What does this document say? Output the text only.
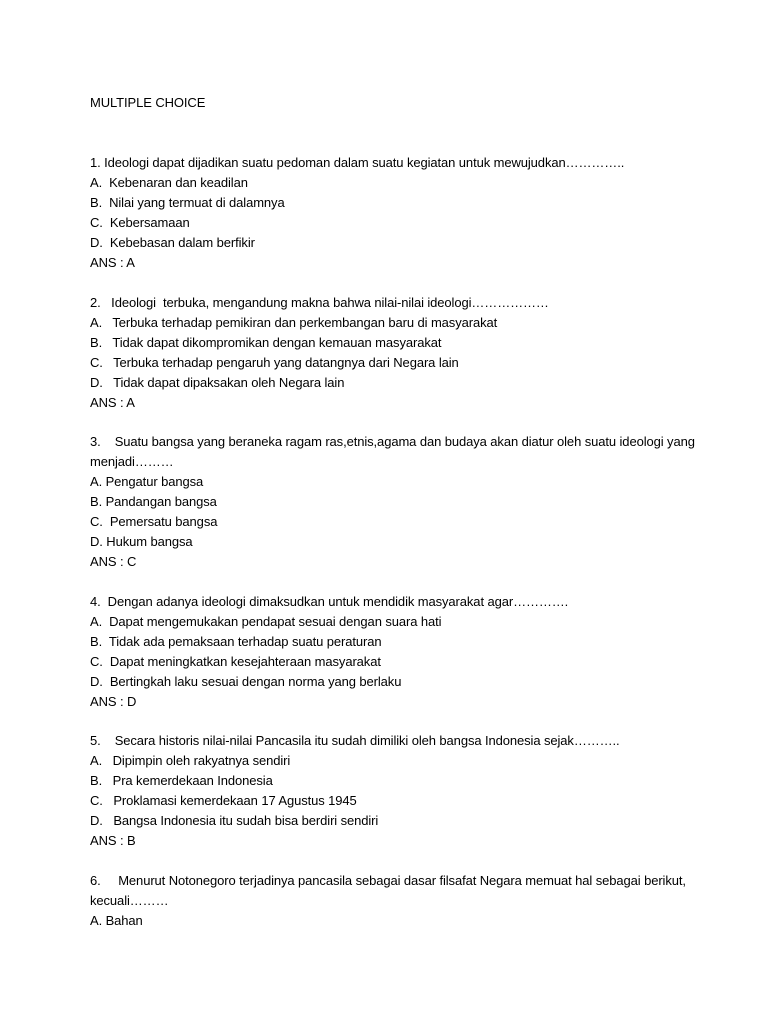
MULTIPLE CHOICE
1. Ideologi dapat dijadikan suatu pedoman dalam suatu kegiatan untuk mewujudkan…………..
A.  Kebenaran dan keadilan
B.  Nilai yang termuat di dalamnya
C.  Kebersamaan
D.  Kebebasan dalam berfikir
ANS : A
2.   Ideologi  terbuka, mengandung makna bahwa nilai-nilai ideologi………………
A.   Terbuka terhadap pemikiran dan perkembangan baru di masyarakat
B.   Tidak dapat dikompromikan dengan kemauan masyarakat
C.   Terbuka terhadap pengaruh yang datangnya dari Negara lain
D.   Tidak dapat dipaksakan oleh Negara lain
ANS : A
3.    Suatu bangsa yang beraneka ragam ras,etnis,agama dan budaya akan diatur oleh suatu ideologi yang menjadi………
A. Pengatur bangsa
B. Pandangan bangsa
C.  Pemersatu bangsa
D. Hukum bangsa
ANS : C
4.  Dengan adanya ideologi dimaksudkan untuk mendidik masyarakat agar………….
A.  Dapat mengemukakan pendapat sesuai dengan suara hati
B.  Tidak ada pemaksaan terhadap suatu peraturan
C.  Dapat meningkatkan kesejahteraan masyarakat
D.  Bertingkah laku sesuai dengan norma yang berlaku
ANS : D
5.    Secara historis nilai-nilai Pancasila itu sudah dimiliki oleh bangsa Indonesia sejak………..
A.   Dipimpin oleh rakyatnya sendiri
B.   Pra kemerdekaan Indonesia
C.   Proklamasi kemerdekaan 17 Agustus 1945
D.   Bangsa Indonesia itu sudah bisa berdiri sendiri
ANS : B
6.     Menurut Notonegoro terjadinya pancasila sebagai dasar filsafat Negara memuat hal sebagai berikut, kecuali………
A. Bahan
